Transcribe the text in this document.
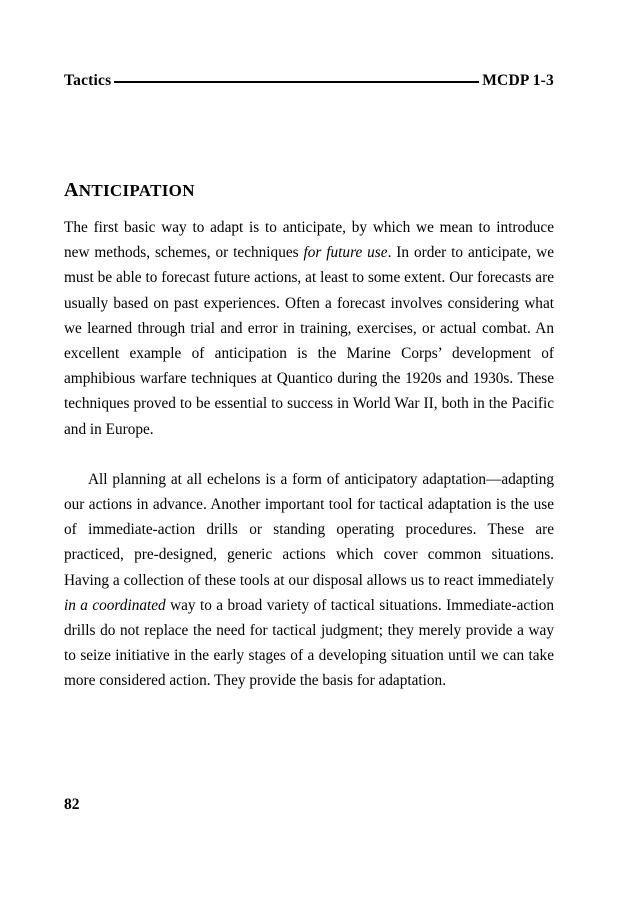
Tactics	MCDP 1-3
ANTICIPATION

The first basic way to adapt is to anticipate, by which we mean to introduce new methods, schemes, or techniques for future use. In order to anticipate, we must be able to forecast future actions, at least to some extent. Our forecasts are usually based on past experiences. Often a forecast involves considering what we learned through trial and error in training, exercises, or actual combat. An excellent example of anticipation is the Marine Corps’ development of amphibious warfare techniques at Quantico during the 1920s and 1930s. These techniques proved to be essential to success in World War II, both in the Pacific and in Europe.

All planning at all echelons is a form of anticipatory adaptation—adapting our actions in advance. Another important tool for tactical adaptation is the use of immediate-action drills or standing operating procedures. These are practiced, pre-designed, generic actions which cover common situations. Having a collection of these tools at our disposal allows us to react immediately in a coordinated way to a broad variety of tactical situations. Immediate-action drills do not replace the need for tactical judgment; they merely provide a way to seize initiative in the early stages of a developing situation until we can take more considered action. They provide the basis for adaptation.

82
